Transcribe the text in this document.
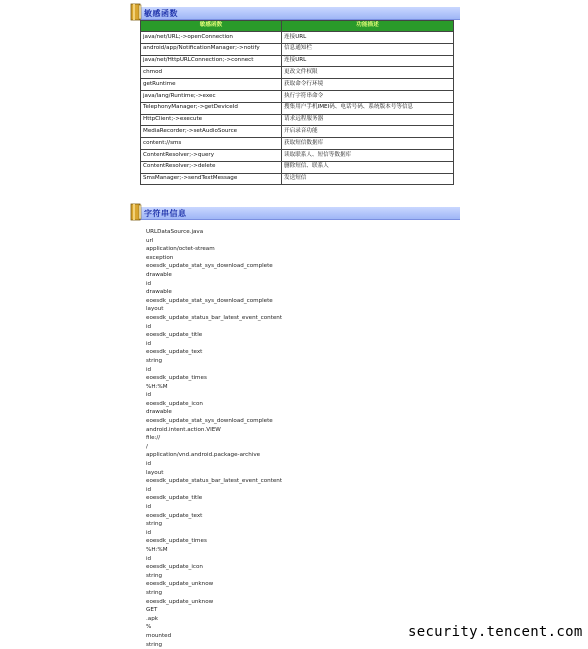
敏感函数
敏感函数	功能描述
java/net/URL;->openConnection	连接URL
android/app/NotificationManager;->notify	信息通知栏
java/net/HttpURLConnection;->connect	连接URL
chmod	更改文件权限
getRuntime	获取命令行环境
java/lang/Runtime;->exec	执行字符串命令
TelephonyManager;->getDeviceId	搜集用户手机IMEI码、电话号码、系统版本号等信息
HttpClient;->execute	请求远程服务器
MediaRecorder;->setAudioSource	开启录音功能
content://sms	获取短信数据库
ContentResolver;->query	读取联系人、短信等数据库
ContentResolver;->delete	删除短信、联系人
SmsManager;->sendTextMessage	发送短信
字符串信息
URLDataSource.java
url
application/octet-stream
exception
eoesdk_update_stat_sys_download_complete
drawable
id
drawable
eoesdk_update_stat_sys_download_complete
layout
eoesdk_update_status_bar_latest_event_content
id
eoesdk_update_title
id
eoesdk_update_text
string
id
eoesdk_update_times
%H:%M
id
eoesdk_update_icon
drawable
eoesdk_update_stat_sys_download_complete
android.intent.action.VIEW
file://
/
application/vnd.android.package-archive
id
layout
eoesdk_update_status_bar_latest_event_content
id
eoesdk_update_title
id
eoesdk_update_text
string
id
eoesdk_update_times
%H:%M
id
eoesdk_update_icon
string
eoesdk_update_unknow
string
eoesdk_update_unknow
GET
.apk
%
mounted
string
security.tencent.com
